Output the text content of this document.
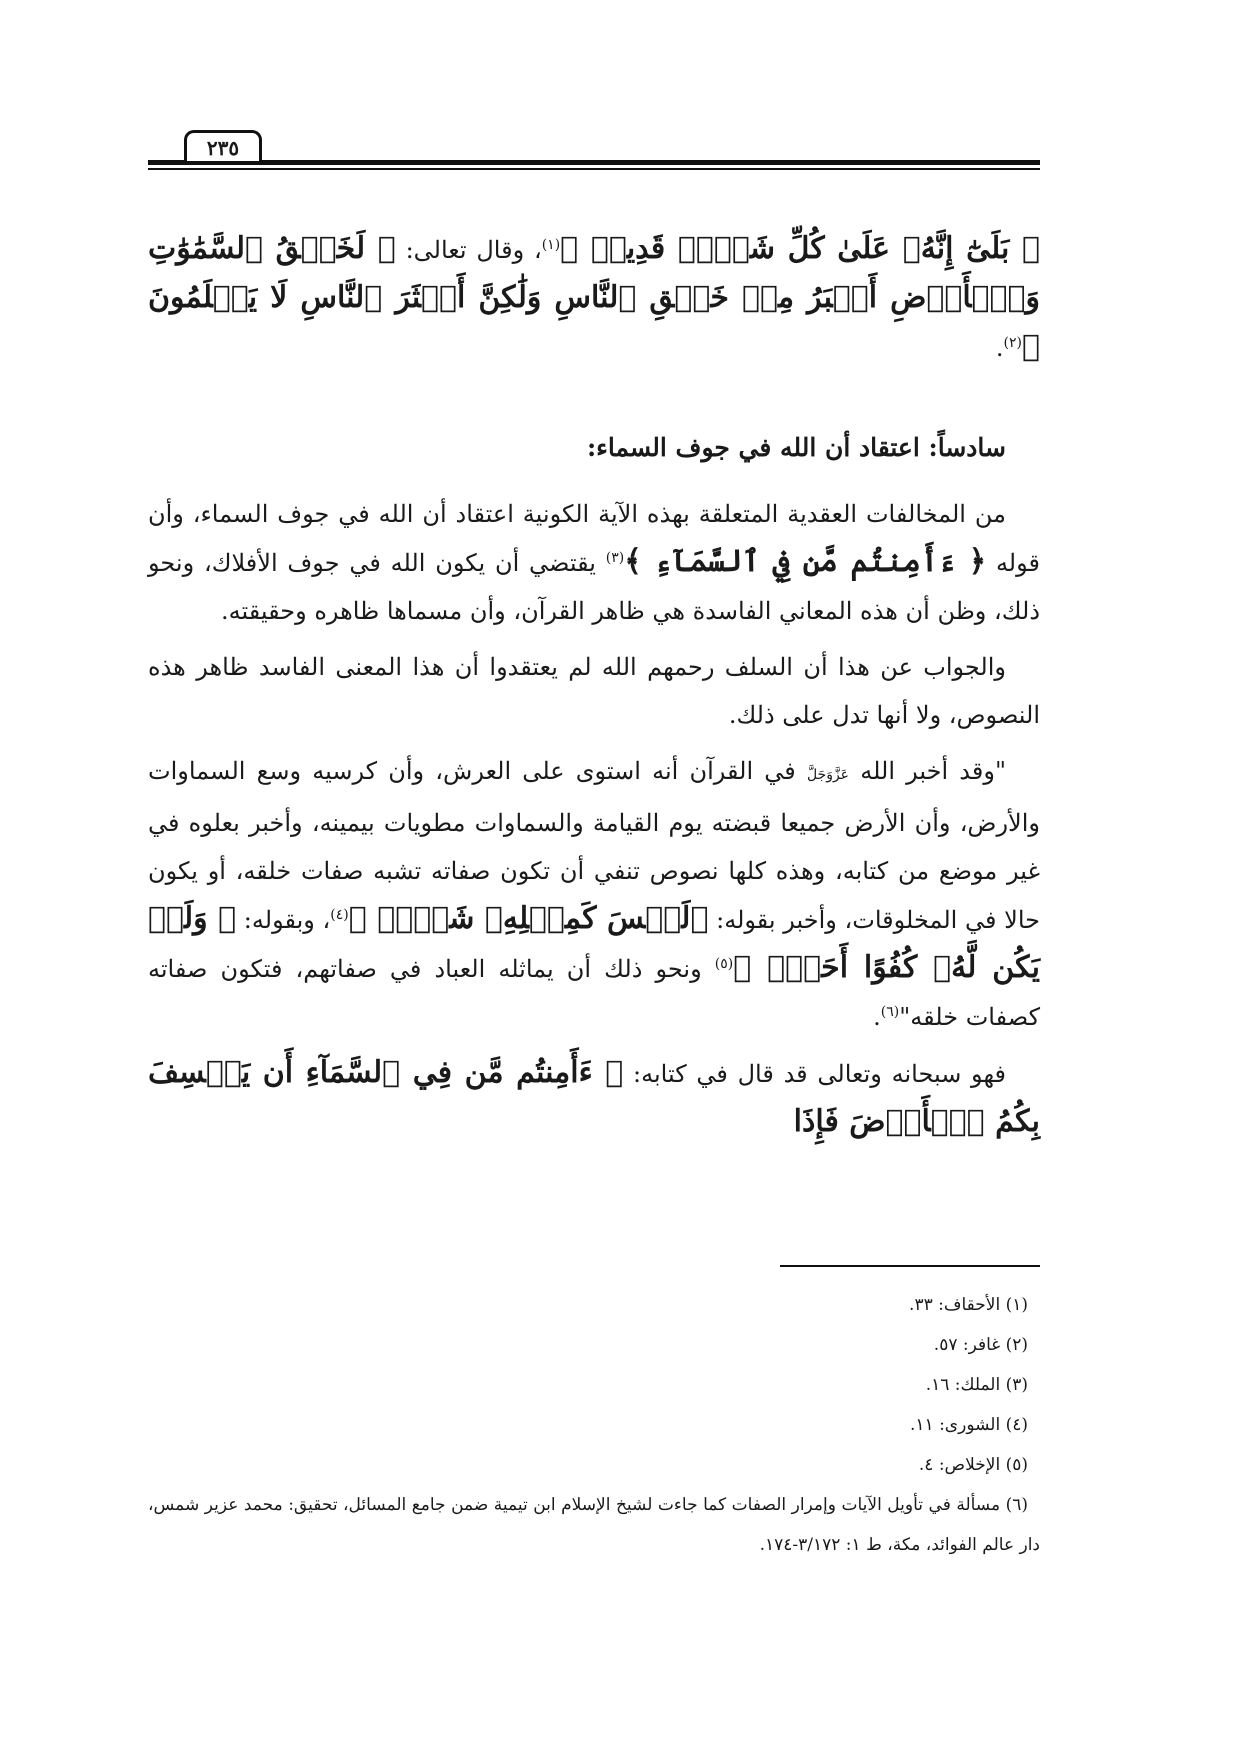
٢٣٥

﴿ بَلَىٰٓ إِنَّهُۥ عَلَىٰ كُلِّ شَيۡءٖ قَدِيرٞ ﴾$^{(١)}$، وقال تعالى: ﴿ لَخَلۡقُ ٱلسَّمَٰوَٰتِ وَٱلۡأَرۡضِ أَكۡبَرُ مِنۡ خَلۡقِ ٱلنَّاسِ وَلَٰكِنَّ أَكۡثَرَ ٱلنَّاسِ لَا يَعۡلَمُونَ ﴾$^{(٢)}$.

سادساً: اعتقاد أن الله في جوف السماء:

من المخالفات العقدية المتعلقة بهذه الآية الكونية اعتقاد أن الله في جوف السماء، وأن قوله ﴿ ءَأَمِنتُم مَّن فِي ٱلسَّمَآءِ ﴾$^{(٣)}$ يقتضي أن يكون الله في جوف الأفلاك، ونحو ذلك، وظن أن هذه المعاني الفاسدة هي ظاهر القرآن، وأن مسماها ظاهره وحقيقته.

والجواب عن هذا أن السلف رحمهم الله لم يعتقدوا أن هذا المعنى الفاسد ظاهر هذه النصوص، ولا أنها تدل على ذلك.

"وقد أخبر الله عَزَّوَجَلَّ في القرآن أنه استوى على العرش، وأن كرسيه وسع السماوات والأرض، وأن الأرض جميعا قبضته يوم القيامة والسماوات مطويات بيمينه، وأخبر بعلوه في غير موضع من كتابه، وهذه كلها نصوص تنفي أن تكون صفاته تشبه صفات خلقه، أو يكون حالا في المخلوقات، وأخبر بقوله: ﴿لَيۡسَ كَمِثۡلِهِۦ شَيۡءٞ ﴾$^{(٤)}$، وبقوله: ﴿ وَلَمۡ يَكُن لَّهُۥ كُفُوًا أَحَدُۢ ﴾$^{(٥)}$ ونحو ذلك أن يماثله العباد في صفاتهم، فتكون صفاته كصفات خلقه"$^{(٦)}$.

فهو سبحانه وتعالى قد قال في كتابه: ﴿ ءَأَمِنتُم مَّن فِي ٱلسَّمَآءِ أَن يَخۡسِفَ بِكُمُ ٱلۡأَرۡضَ فَإِذَا

(١) الأحقاف: ٣٣.

(٢) غافر: ٥٧.

(٣) الملك: ١٦.

(٤) الشورى: ١١.

(٥) الإخلاص: ٤.

(٦) مسألة في تأويل الآيات وإمرار الصفات كما جاءت لشيخ الإسلام ابن تيمية ضمن جامع المسائل، تحقيق: محمد عزير شمس، دار عالم الفوائد، مكة، ط ١: ٣/١٧٢-١٧٤.
